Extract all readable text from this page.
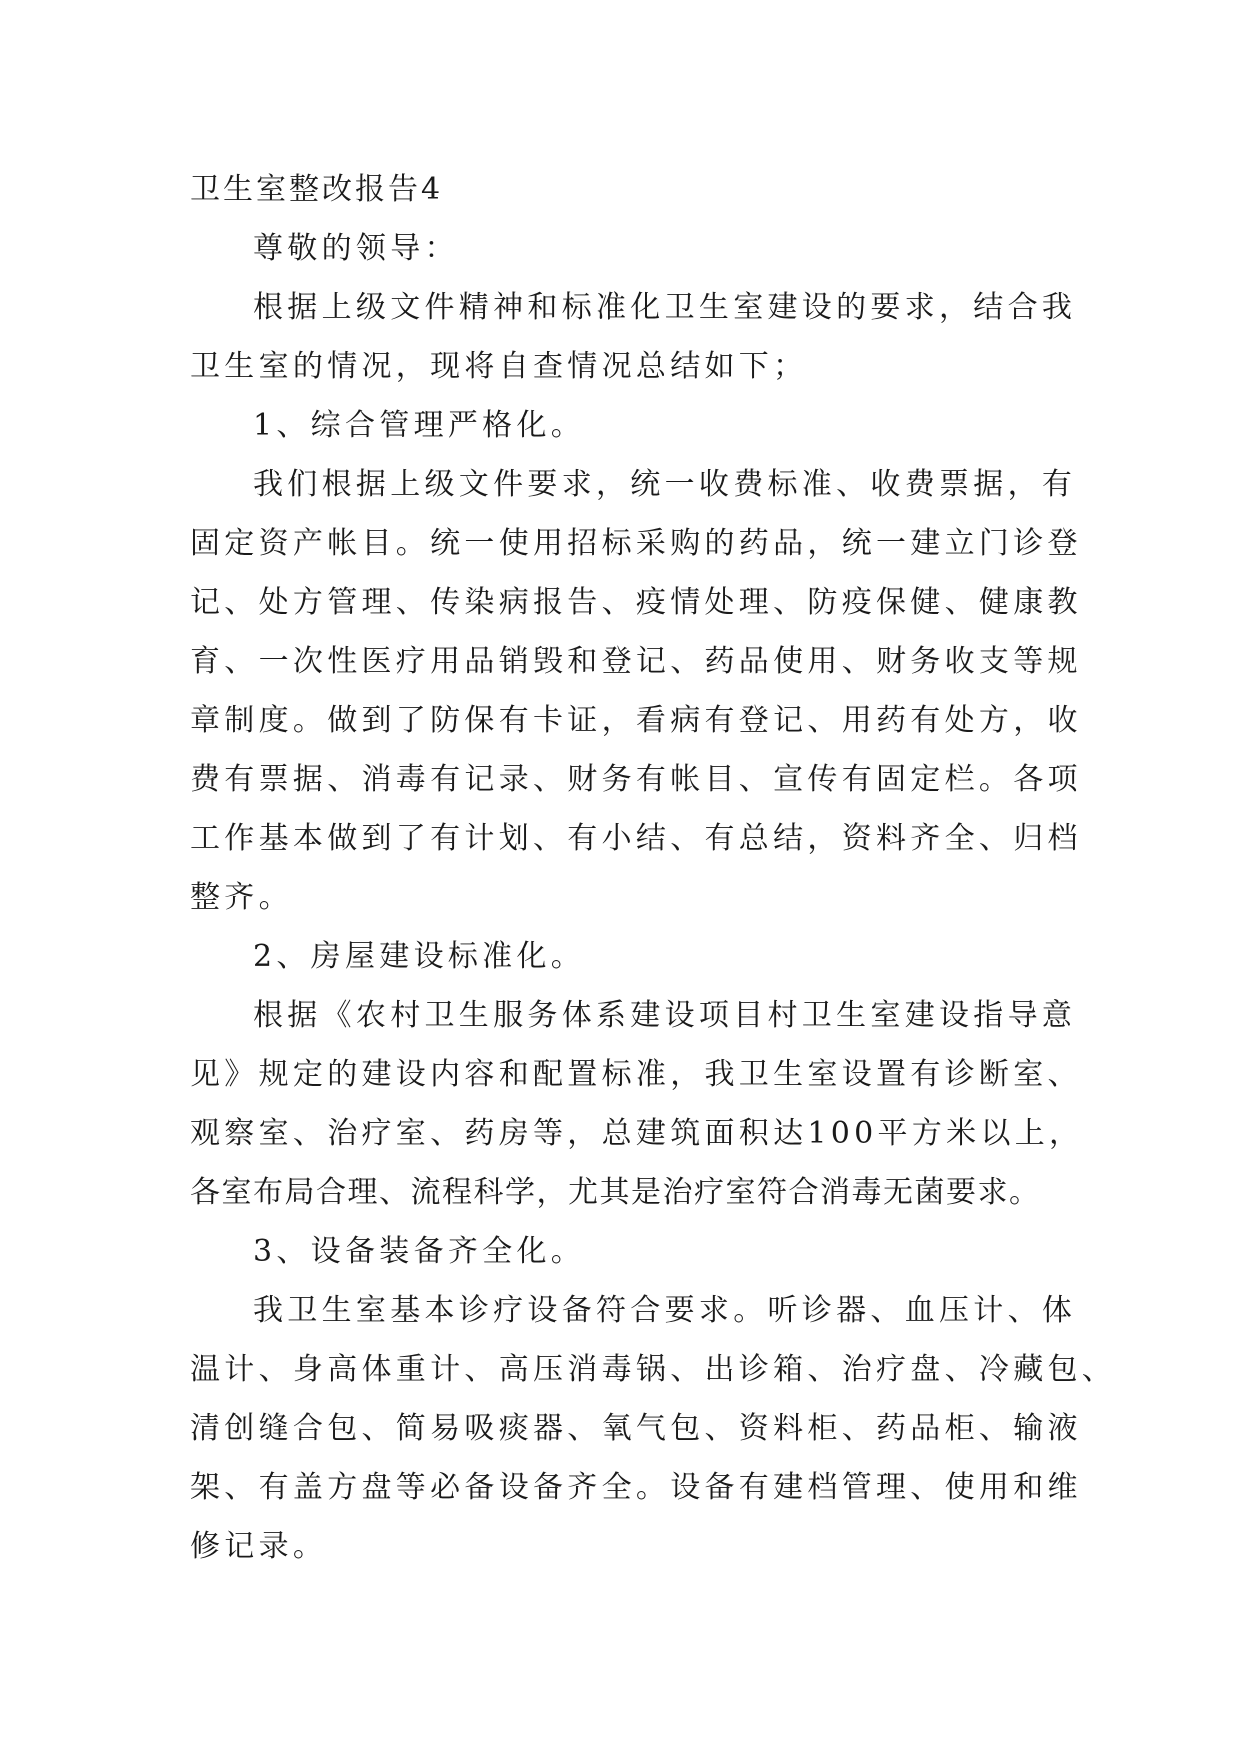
卫生室整改报告4
尊敬的领导：
根据上级文件精神和标准化卫生室建设的要求，结合我
卫生室的情况，现将自查情况总结如下；
1、综合管理严格化。
我们根据上级文件要求，统一收费标准、收费票据，有
固定资产帐目。统一使用招标采购的药品，统一建立门诊登
记、处方管理、传染病报告、疫情处理、防疫保健、健康教
育、一次性医疗用品销毁和登记、药品使用、财务收支等规
章制度。做到了防保有卡证，看病有登记、用药有处方，收
费有票据、消毒有记录、财务有帐目、宣传有固定栏。各项
工作基本做到了有计划、有小结、有总结，资料齐全、归档
整齐。
2、房屋建设标准化。
根据《农村卫生服务体系建设项目村卫生室建设指导意
见》规定的建设内容和配置标准，我卫生室设置有诊断室、
观察室、治疗室、药房等，总建筑面积达100平方米以上，
各室布局合理、流程科学，尤其是治疗室符合消毒无菌要求。
3、设备装备齐全化。
我卫生室基本诊疗设备符合要求。听诊器、血压计、体
温计、身高体重计、高压消毒锅、出诊箱、治疗盘、冷藏包、
清创缝合包、简易吸痰器、氧气包、资料柜、药品柜、输液
架、有盖方盘等必备设备齐全。设备有建档管理、使用和维
修记录。
